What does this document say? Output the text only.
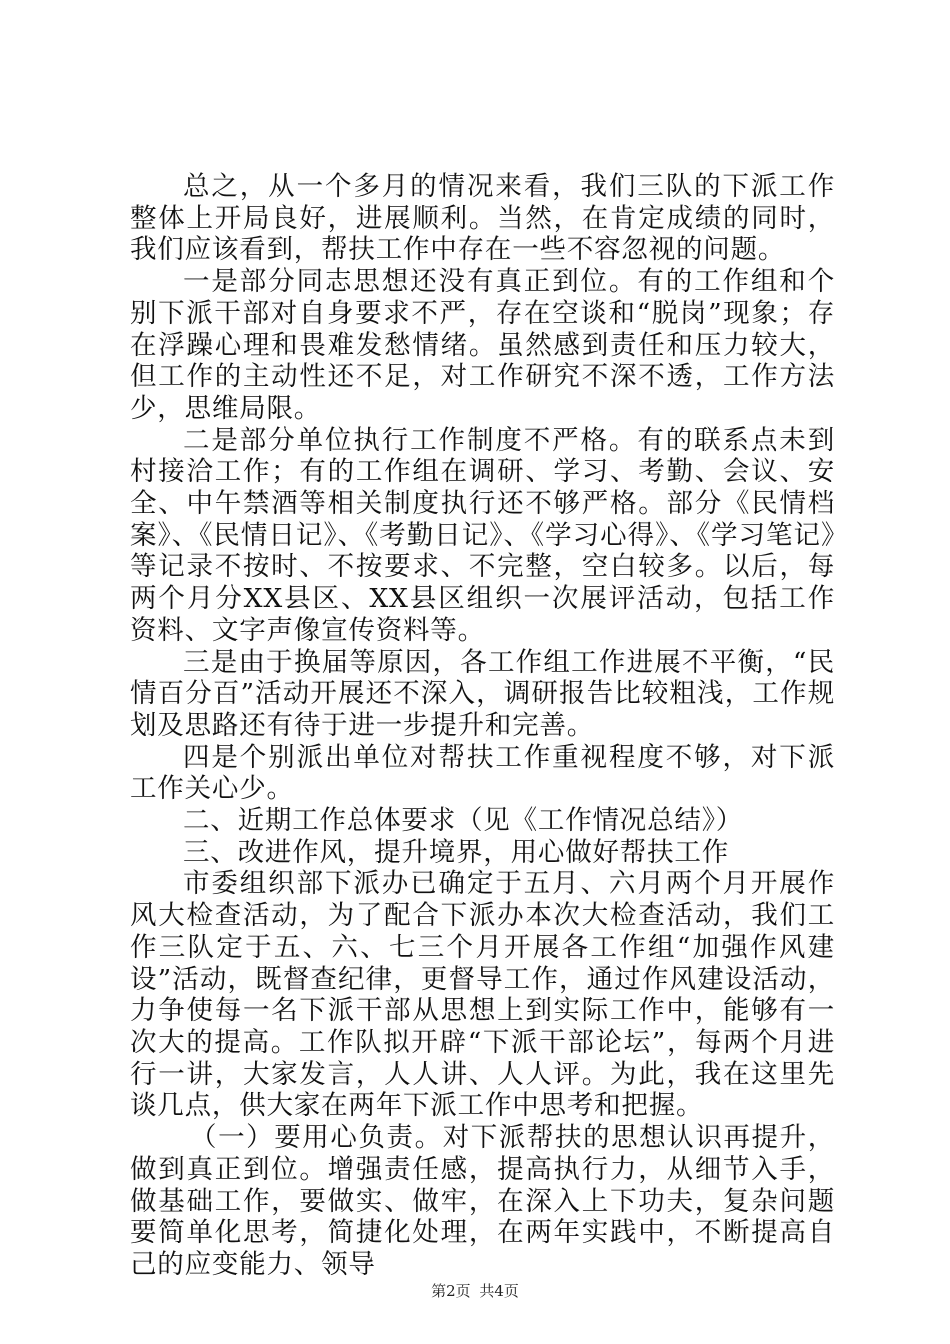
总之，从一个多月的情况来看，我们三队的下派工作整体上开局良好，进展顺利。当然，在肯定成绩的同时，我们应该看到，帮扶工作中存在一些不容忽视的问题。

一是部分同志思想还没有真正到位。有的工作组和个别下派干部对自身要求不严，存在空谈和“脱岗”现象；存在浮躁心理和畏难发愁情绪。虽然感到责任和压力较大，但工作的主动性还不足，对工作研究不深不透，工作方法少，思维局限。

二是部分单位执行工作制度不严格。有的联系点未到村接洽工作；有的工作组在调研、学习、考勤、会议、安全、中午禁酒等相关制度执行还不够严格。部分《民情档案》、《民情日记》、《考勤日记》、《学习心得》、《学习笔记》等记录不按时、不按要求、不完整，空白较多。以后，每两个月分XX县区、XX县区组织一次展评活动，包括工作资料、文字声像宣传资料等。

三是由于换届等原因，各工作组工作进展不平衡，“民情百分百”活动开展还不深入，调研报告比较粗浅，工作规划及思路还有待于进一步提升和完善。

四是个别派出单位对帮扶工作重视程度不够，对下派工作关心少。

二、近期工作总体要求（见《工作情况总结》）

三、改进作风，提升境界，用心做好帮扶工作

市委组织部下派办已确定于五月、六月两个月开展作风大检查活动，为了配合下派办本次大检查活动，我们工作三队定于五、六、七三个月开展各工作组“加强作风建设”活动，既督查纪律，更督导工作，通过作风建设活动，力争使每一名下派干部从思想上到实际工作中，能够有一次大的提高。工作队拟开辟“下派干部论坛”，每两个月进行一讲，大家发言，人人讲、人人评。为此，我在这里先谈几点，供大家在两年下派工作中思考和把握。

（一）要用心负责。对下派帮扶的思想认识再提升，做到真正到位。增强责任感，提高执行力，从细节入手，做基础工作，要做实、做牢，在深入上下功夫，复杂问题要简单化思考，简捷化处理，在两年实践中，不断提高自己的应变能力、领导

第2页 共4页
